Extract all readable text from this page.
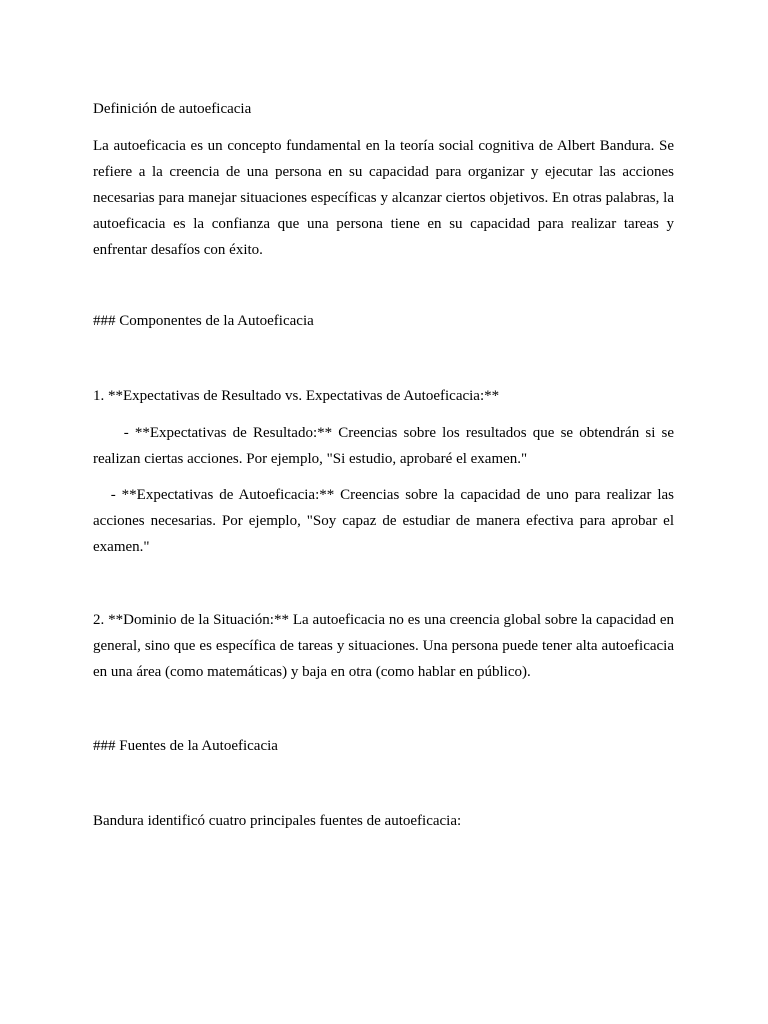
Definición de autoeficacia

La autoeficacia es un concepto fundamental en la teoría social cognitiva de Albert Bandura. Se refiere a la creencia de una persona en su capacidad para organizar y ejecutar las acciones necesarias para manejar situaciones específicas y alcanzar ciertos objetivos. En otras palabras, la autoeficacia es la confianza que una persona tiene en su capacidad para realizar tareas y enfrentar desafíos con éxito.

### Componentes de la Autoeficacia

1. **Expectativas de Resultado vs. Expectativas de Autoeficacia:**

- **Expectativas de Resultado:** Creencias sobre los resultados que se obtendrán si se realizan ciertas acciones. Por ejemplo, "Si estudio, aprobaré el examen."

- **Expectativas de Autoeficacia:** Creencias sobre la capacidad de uno para realizar las acciones necesarias. Por ejemplo, "Soy capaz de estudiar de manera efectiva para aprobar el examen."

2. **Dominio de la Situación:** La autoeficacia no es una creencia global sobre la capacidad en general, sino que es específica de tareas y situaciones. Una persona puede tener alta autoeficacia en una área (como matemáticas) y baja en otra (como hablar en público).

### Fuentes de la Autoeficacia

Bandura identificó cuatro principales fuentes de autoeficacia:
